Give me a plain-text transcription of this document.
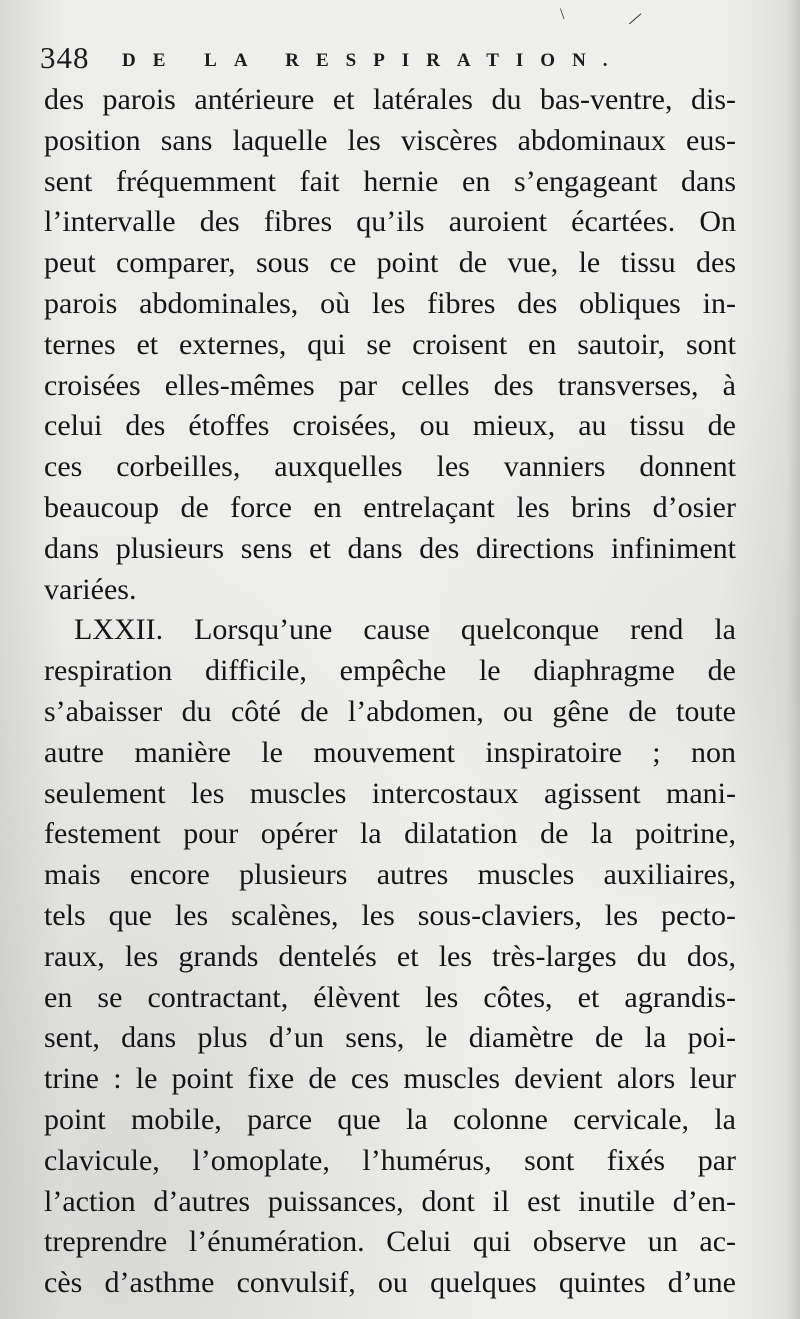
348 DE LA RESPIRATION.
des parois antérieure et latérales du bas-ventre, dis-
position sans laquelle les viscères abdominaux eus-
sent fréquemment fait hernie en s’engageant dans
l’intervalle des fibres qu’ils auroient écartées. On
peut comparer, sous ce point de vue, le tissu des
parois abdominales, où les fibres des obliques in-
ternes et externes, qui se croisent en sautoir, sont
croisées elles-mêmes par celles des transverses, à
celui des étoffes croisées, ou mieux, au tissu de
ces corbeilles, auxquelles les vanniers donnent
beaucoup de force en entrelaçant les brins d’osier
dans plusieurs sens et dans des directions infiniment
variées.
LXXII. Lorsqu’une cause quelconque rend la
respiration difficile, empêche le diaphragme de
s’abaisser du côté de l’abdomen, ou gêne de toute
autre manière le mouvement inspiratoire ; non
seulement les muscles intercostaux agissent mani-
festement pour opérer la dilatation de la poitrine,
mais encore plusieurs autres muscles auxiliaires,
tels que les scalènes, les sous-claviers, les pecto-
raux, les grands dentelés et les très-larges du dos,
en se contractant, élèvent les côtes, et agrandis-
sent, dans plus d’un sens, le diamètre de la poi-
trine : le point fixe de ces muscles devient alors leur
point mobile, parce que la colonne cervicale, la
clavicule, l’omoplate, l’humérus, sont fixés par
l’action d’autres puissances, dont il est inutile d’en-
treprendre l’énumération. Celui qui observe un ac-
cès d’asthme convulsif, ou quelques quintes d’une
/
\
